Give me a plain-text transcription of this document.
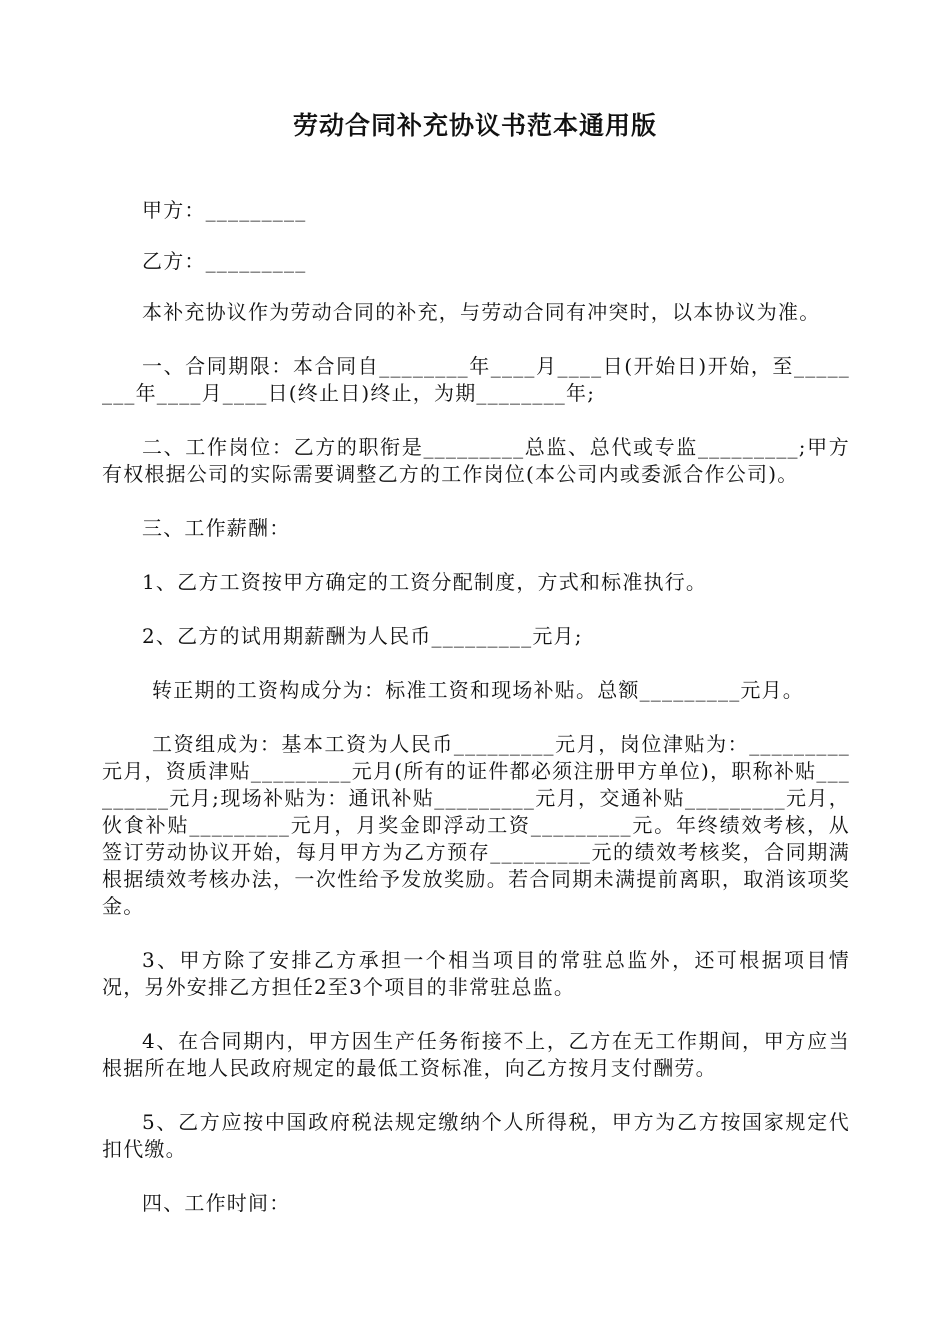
劳动合同补充协议书范本通用版

甲方：_________

乙方：_________

本补充协议作为劳动合同的补充，与劳动合同有冲突时，以本协议为准。

一、合同期限：本合同自________年____月____日(开始日)开始，至________年____月____日(终止日)终止，为期________年;

二、工作岗位：乙方的职衔是_________总监、总代或专监_________;甲方有权根据公司的实际需要调整乙方的工作岗位(本公司内或委派合作公司)。

三、工作薪酬：

1、乙方工资按甲方确定的工资分配制度，方式和标准执行。

2、乙方的试用期薪酬为人民币_________元月;

转正期的工资构成分为：标准工资和现场补贴。总额_________元月。

工资组成为：基本工资为人民币_________元月，岗位津贴为：_________元月，资质津贴_________元月(所有的证件都必须注册甲方单位)，职称补贴_________元月;现场补贴为：通讯补贴_________元月，交通补贴_________元月，伙食补贴_________元月，月奖金即浮动工资_________元。年终绩效考核，从签订劳动协议开始，每月甲方为乙方预存_________元的绩效考核奖，合同期满根据绩效考核办法，一次性给予发放奖励。若合同期未满提前离职，取消该项奖金。

3、甲方除了安排乙方承担一个相当项目的常驻总监外，还可根据项目情况，另外安排乙方担任2至3个项目的非常驻总监。

4、在合同期内，甲方因生产任务衔接不上，乙方在无工作期间，甲方应当根据所在地人民政府规定的最低工资标准，向乙方按月支付酬劳。

5、乙方应按中国政府税法规定缴纳个人所得税，甲方为乙方按国家规定代扣代缴。

四、工作时间：
